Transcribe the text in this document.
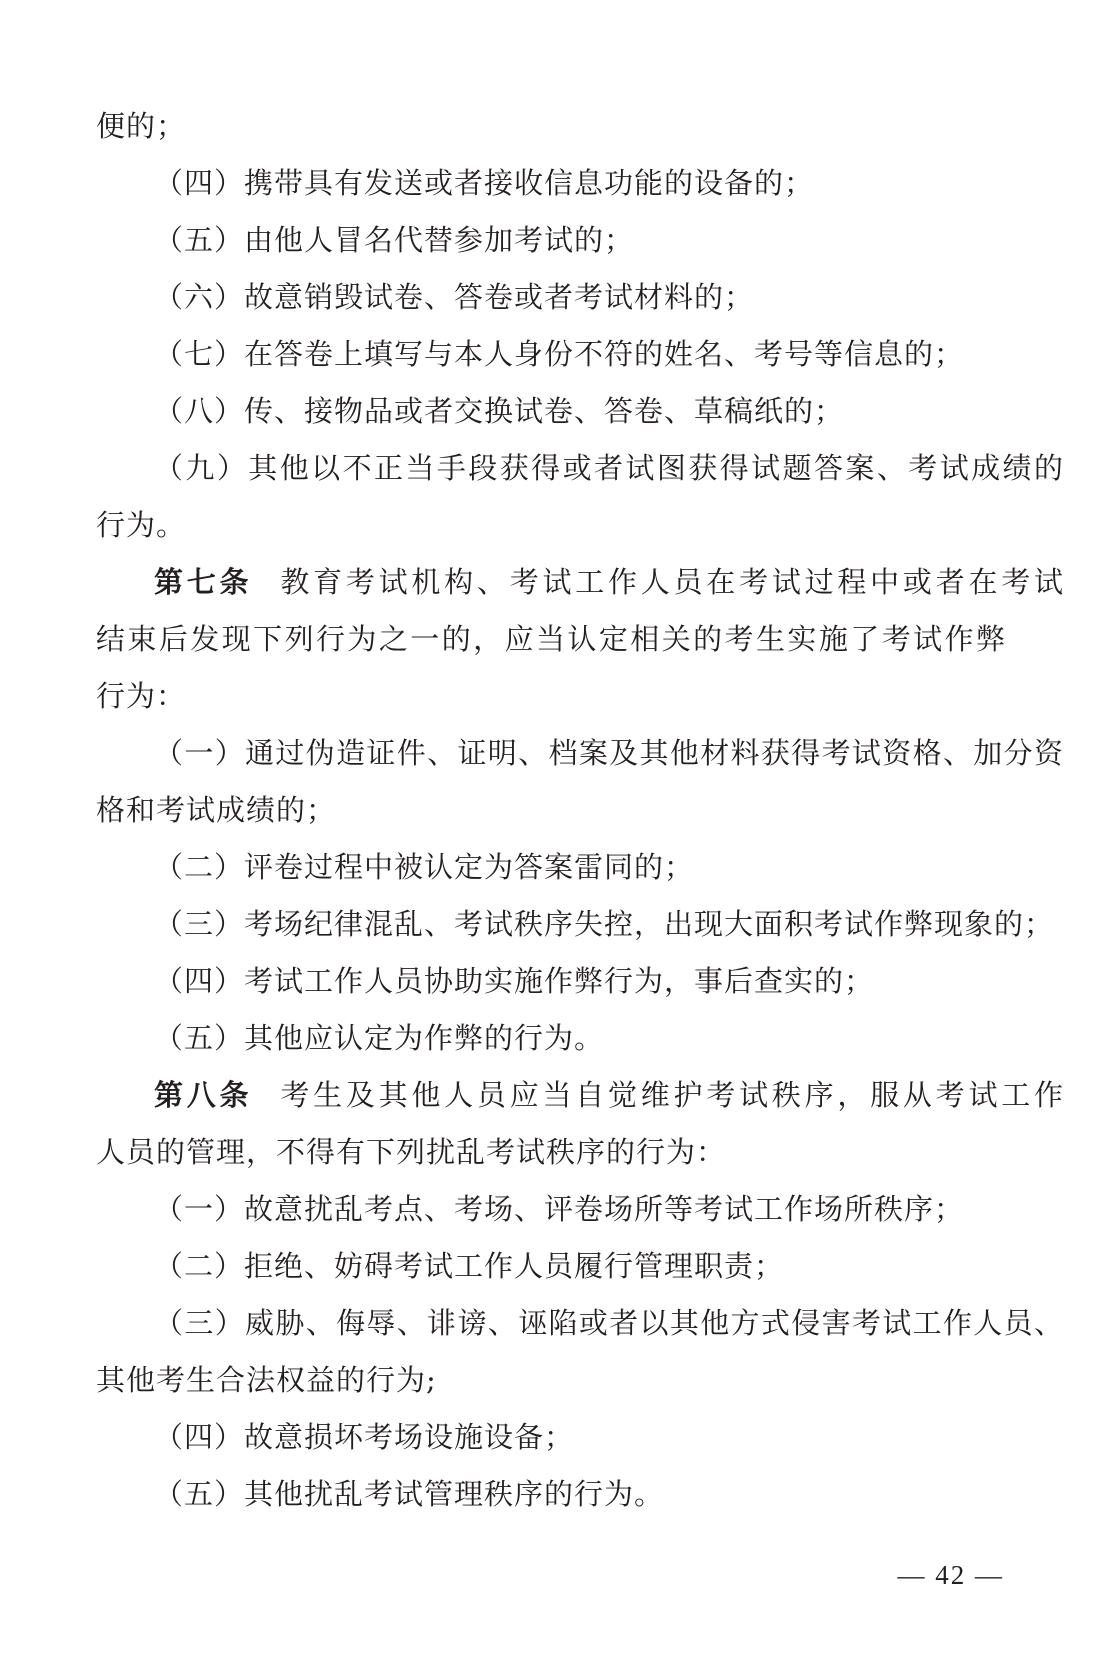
便的；
（四）携带具有发送或者接收信息功能的设备的；
（五）由他人冒名代替参加考试的；
（六）故意销毁试卷、答卷或者考试材料的；
（七）在答卷上填写与本人身份不符的姓名、考号等信息的；
（八）传、接物品或者交换试卷、答卷、草稿纸的；
（九）其他以不正当手段获得或者试图获得试题答案、考试成绩的
行为。
第七条 教育考试机构、考试工作人员在考试过程中或者在考试
结束后发现下列行为之一的，应当认定相关的考生实施了考试作弊
行为：
（一）通过伪造证件、证明、档案及其他材料获得考试资格、加分资
格和考试成绩的；
（二）评卷过程中被认定为答案雷同的；
（三）考场纪律混乱、考试秩序失控，出现大面积考试作弊现象的；
（四）考试工作人员协助实施作弊行为，事后查实的；
（五）其他应认定为作弊的行为。
第八条 考生及其他人员应当自觉维护考试秩序，服从考试工作
人员的管理，不得有下列扰乱考试秩序的行为：
（一）故意扰乱考点、考场、评卷场所等考试工作场所秩序；
（二）拒绝、妨碍考试工作人员履行管理职责；
（三）威胁、侮辱、诽谤、诬陷或者以其他方式侵害考试工作人员、
其他考生合法权益的行为;
（四）故意损坏考场设施设备；
（五）其他扰乱考试管理秩序的行为。
— 42 —
